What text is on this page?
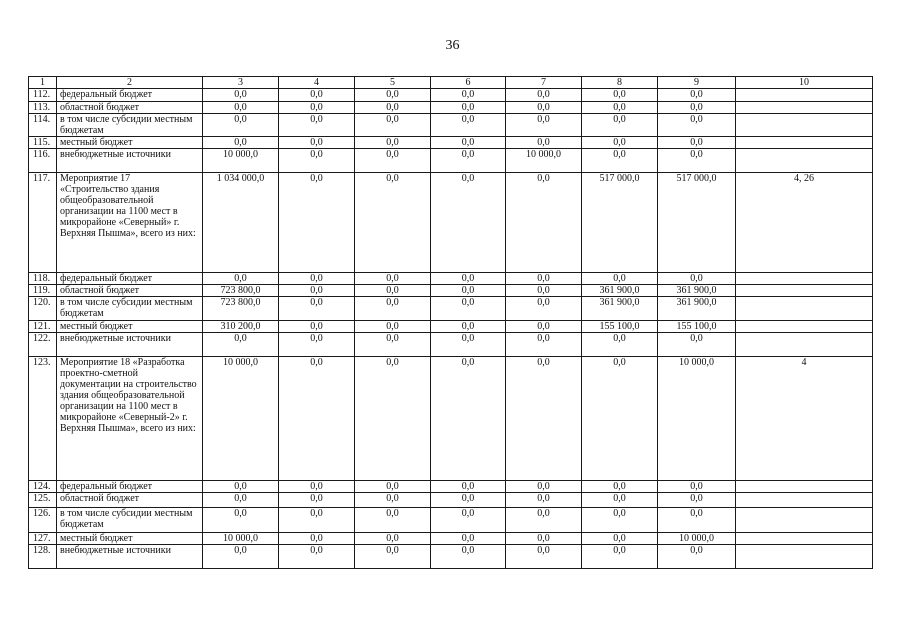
36
1	2	3	4	5	6	7	8	9	10
112.	федеральный бюджет	0,0	0,0	0,0	0,0	0,0	0,0	0,0	
113.	областной бюджет	0,0	0,0	0,0	0,0	0,0	0,0	0,0	
114.	в том числе субсидии местным бюджетам	0,0	0,0	0,0	0,0	0,0	0,0	0,0	
115.	местный бюджет	0,0	0,0	0,0	0,0	0,0	0,0	0,0	
116.	внебюджетные источники	10 000,0	0,0	0,0	0,0	10 000,0	0,0	0,0	
117.	Мероприятие 17 «Строительство здания общеобразовательной организации на 1100 мест в микрорайоне «Северный» г. Верхняя Пышма», всего из них:	1 034 000,0	0,0	0,0	0,0	0,0	517 000,0	517 000,0	4, 26
118.	федеральный бюджет	0,0	0,0	0,0	0,0	0,0	0,0	0,0	
119.	областной бюджет	723 800,0	0,0	0,0	0,0	0,0	361 900,0	361 900,0	
120.	в том числе субсидии местным бюджетам	723 800,0	0,0	0,0	0,0	0,0	361 900,0	361 900,0	
121.	местный бюджет	310 200,0	0,0	0,0	0,0	0,0	155 100,0	155 100,0	
122.	внебюджетные источники	0,0	0,0	0,0	0,0	0,0	0,0	0,0	
123.	Мероприятие 18 «Разработка проектно-сметной документации на строительство здания общеобразовательной организации на 1100 мест в микрорайоне «Северный-2» г. Верхняя Пышма», всего из них:	10 000,0	0,0	0,0	0,0	0,0	0,0	10 000,0	4
124.	федеральный бюджет	0,0	0,0	0,0	0,0	0,0	0,0	0,0	
125.	областной бюджет	0,0	0,0	0,0	0,0	0,0	0,0	0,0	
126.	в том числе субсидии местным бюджетам	0,0	0,0	0,0	0,0	0,0	0,0	0,0	
127.	местный бюджет	10 000,0	0,0	0,0	0,0	0,0	0,0	10 000,0	
128.	внебюджетные источники	0,0	0,0	0,0	0,0	0,0	0,0	0,0	
